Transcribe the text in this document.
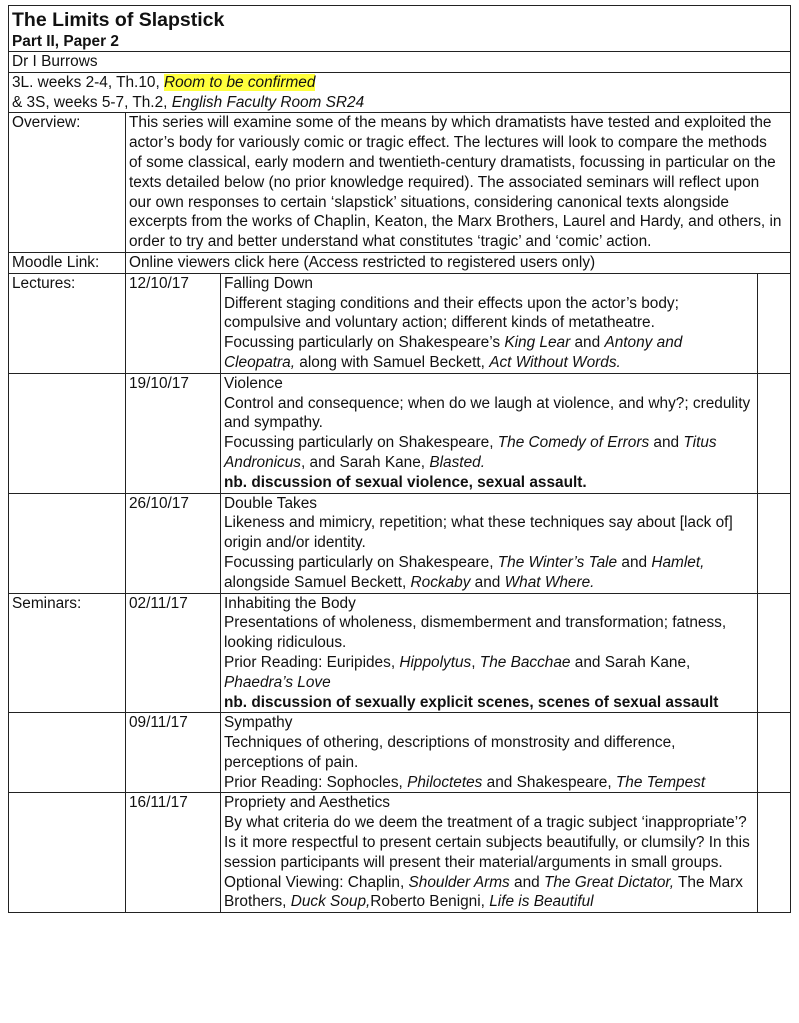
The Limits of Slapstick
Part II, Paper 2			

Dr I Burrows			

3L. weeks 2-4, Th.10, Room to be confirmed
& 3S, weeks 5-7, Th.2, English Faculty Room SR24			

Overview:	This series will examine some of the means by which dramatists have tested and exploited the actor’s body for variously comic or tragic effect. The lectures will look to compare the methods of some classical, early modern and twentieth-century dramatists, focussing in particular on the texts detailed below (no prior knowledge required). The associated seminars will reflect upon our own responses to certain ‘slapstick’ situations, considering canonical texts alongside excerpts from the works of Chaplin, Keaton, the Marx Brothers, Laurel and Hardy, and others, in order to try and better understand what constitutes ‘tragic’ and ‘comic’ action.		
Moodle Link:	Online viewers click here (Access restricted to registered users only)		
Lectures:	12/10/17	Falling Down
Different staging conditions and their effects upon the actor’s body; compulsive and voluntary action; different kinds of metatheatre.
Focussing particularly on Shakespeare’s King Lear and Antony and Cleopatra, along with Samuel Beckett, Act Without Words.	

	19/10/17	Violence
Control and consequence; when do we laugh at violence, and why?; credulity and sympathy.
Focussing particularly on Shakespeare, The Comedy of Errors and Titus Andronicus, and Sarah Kane, Blasted.
nb. discussion of sexual violence, sexual assault.	

	26/10/17	Double Takes
Likeness and mimicry, repetition; what these techniques say about [lack of] origin and/or identity.
Focussing particularly on Shakespeare, The Winter’s Tale and Hamlet, alongside Samuel Beckett, Rockaby and What Where.	

Seminars:	02/11/17	Inhabiting the Body
Presentations of wholeness, dismemberment and transformation; fatness, looking ridiculous.
Prior Reading: Euripides, Hippolytus, The Bacchae and Sarah Kane, Phaedra’s Love
nb. discussion of sexually explicit scenes, scenes of sexual assault	

	09/11/17	Sympathy
Techniques of othering, descriptions of monstrosity and difference, perceptions of pain.
Prior Reading: Sophocles, Philoctetes and Shakespeare, The Tempest	

	16/11/17	Propriety and Aesthetics
By what criteria do we deem the treatment of a tragic subject ‘inappropriate’? Is it more respectful to present certain subjects beautifully, or clumsily? In this session participants will present their material/arguments in small groups.
Optional Viewing: Chaplin, Shoulder Arms and The Great Dictator, The Marx Brothers, Duck Soup,Roberto Benigni, Life is Beautiful	
